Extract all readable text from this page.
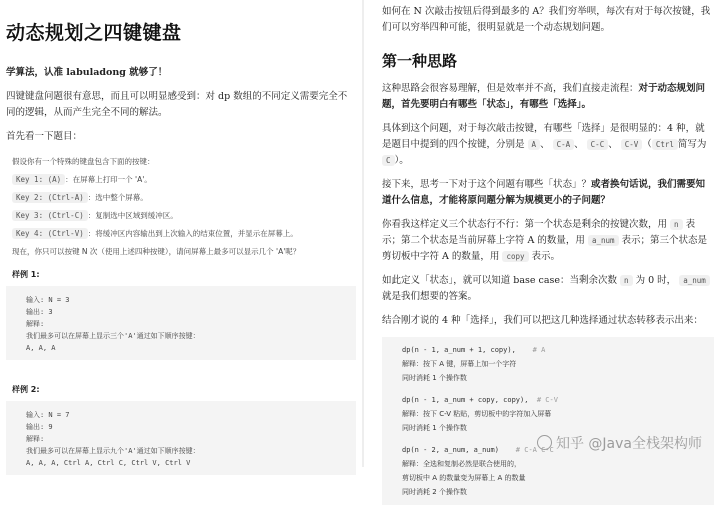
动态规划之四键键盘

学算法，认准 labuladong 就够了！

四键键盘问题很有意思，而且可以明显感受到：对 dp 数组的不同定义需要完全不同的逻辑，从而产生完全不同的解法。

首先看一下题目：

假设你有一个特殊的键盘包含下面的按键：
Key 1: (A) ：在屏幕上打印一个 'A'。
Key 2: (Ctrl-A) ：选中整个屏幕。
Key 3: (Ctrl-C) ：复制选中区域到缓冲区。
Key 4: (Ctrl-V) ：将缓冲区内容输出到上次输入的结束位置，并显示在屏幕上。
现在，你只可以按键 N 次（使用上述四种按键），请问屏幕上最多可以显示几个 'A'呢？
样例 1:
输入: N = 3
输出: 3
解释:
我们最多可以在屏幕上显示三个'A'通过如下顺序按键：
A, A, A
样例 2:
输入: N = 7
输出: 9
解释:
我们最多可以在屏幕上显示九个'A'通过如下顺序按键：
A, A, A, Ctrl A, Ctrl C, Ctrl V, Ctrl V

如何在 N 次敲击按钮后得到最多的 A？我们穷举呗，每次有对于每次按键，我们可以穷举四种可能，很明显就是一个动态规划问题。

第一种思路

这种思路会很容易理解，但是效率并不高，我们直接走流程：对于动态规划问题，首先要明白有哪些「状态」，有哪些「选择」。

具体到这个问题，对于每次敲击按键，有哪些「选择」是很明显的：4 种，就是题目中提到的四个按键，分别是 A 、 C-A 、 C-C 、 C-V （ Ctrl 简写为C ）。

接下来，思考一下对于这个问题有哪些「状态」？或者换句话说，我们需要知道什么信息，才能将原问题分解为规模更小的子问题？

你看我这样定义三个状态行不行：第一个状态是剩余的按键次数，用 n 表示；第二个状态是当前屏幕上字符 A 的数量，用 a_num 表示；第三个状态是剪切板中字符 A 的数量，用 copy 表示。

如此定义「状态」，就可以知道 base case：当剩余次数 n 为 0 时， a_num 就是我们想要的答案。

结合刚才说的 4 种「选择」，我们可以把这几种选择通过状态转移表示出来：

dp(n - 1, a_num + 1, copy), # A
解释：按下 A 键，屏幕上加一个字符
同时消耗 1 个操作数
dp(n - 1, a_num + copy, copy), # C-V
解释：按下 C-V 粘贴，剪切板中的字符加入屏幕
同时消耗 1 个操作数
dp(n - 2, a_num, a_num) # C-A C-C
解释：全选和复制必然是联合使用的，
剪切板中 A 的数量变为屏幕上 A 的数量
同时消耗 2 个操作数
知乎 @Java全栈架构师
